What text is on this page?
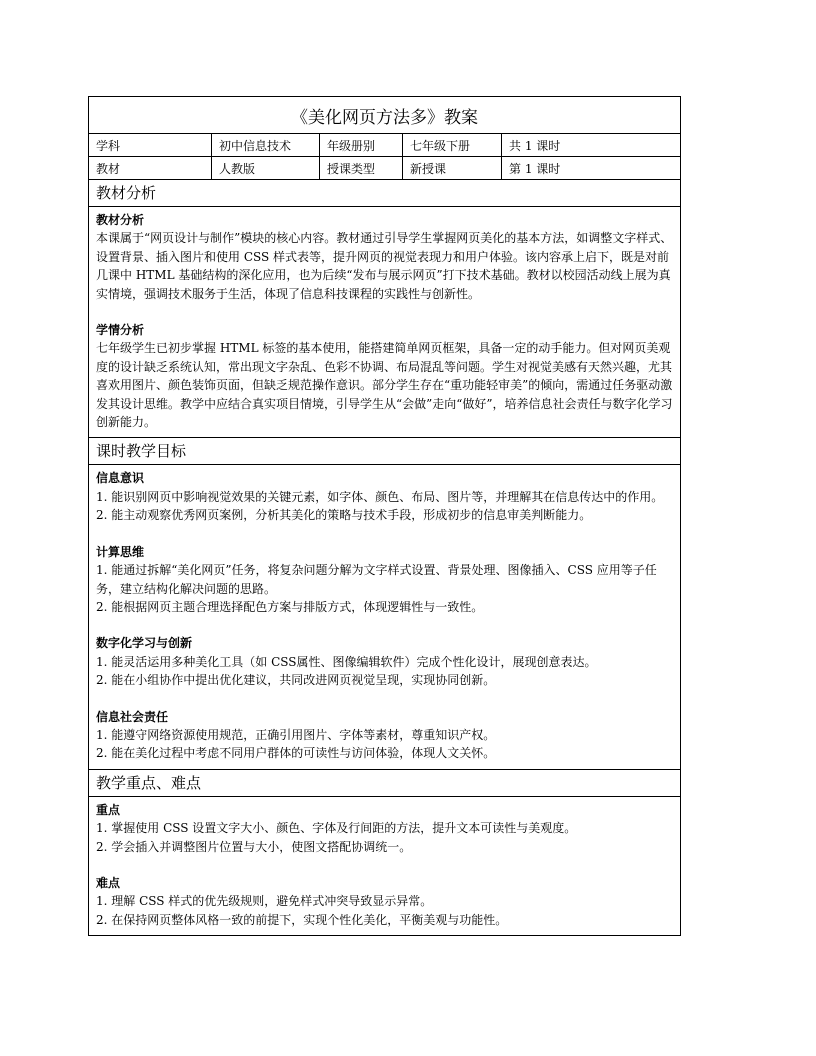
《美化网页方法多》教案
学科	初中信息技术	年级册别	七年级下册	共 1 课时
教材	人教版	授课类型	新授课	第 1 课时
教材分析

教材分析

本课属于“网页设计与制作”模块的核心内容。教材通过引导学生掌握网页美化的基本方法，如调整文字样式、设置背景、插入图片和使用 CSS 样式表等，提升网页的视觉表现力和用户体验。该内容承上启下，既是对前几课中 HTML 基础结构的深化应用，也为后续“发布与展示网页”打下技术基础。教材以校园活动线上展为真实情境，强调技术服务于生活，体现了信息科技课程的实践性与创新性。

学情分析

七年级学生已初步掌握 HTML 标签的基本使用，能搭建简单网页框架，具备一定的动手能力。但对网页美观度的设计缺乏系统认知，常出现文字杂乱、色彩不协调、布局混乱等问题。学生对视觉美感有天然兴趣，尤其喜欢用图片、颜色装饰页面，但缺乏规范操作意识。部分学生存在“重功能轻审美”的倾向，需通过任务驱动激发其设计思维。教学中应结合真实项目情境，引导学生从“会做”走向“做好”，培养信息社会责任与数字化学习创新能力。

课时教学目标

信息意识

1. 能识别网页中影响视觉效果的关键元素，如字体、颜色、布局、图片等，并理解其在信息传达中的作用。

2. 能主动观察优秀网页案例，分析其美化的策略与技术手段，形成初步的信息审美判断能力。

计算思维

1. 能通过拆解“美化网页”任务，将复杂问题分解为文字样式设置、背景处理、图像插入、CSS 应用等子任务，建立结构化解决问题的思路。

2. 能根据网页主题合理选择配色方案与排版方式，体现逻辑性与一致性。

数字化学习与创新

1. 能灵活运用多种美化工具（如 CSS属性、图像编辑软件）完成个性化设计，展现创意表达。

2. 能在小组协作中提出优化建议，共同改进网页视觉呈现，实现协同创新。

信息社会责任

1. 能遵守网络资源使用规范，正确引用图片、字体等素材，尊重知识产权。

2. 能在美化过程中考虑不同用户群体的可读性与访问体验，体现人文关怀。

教学重点、难点

重点

1. 掌握使用 CSS 设置文字大小、颜色、字体及行间距的方法，提升文本可读性与美观度。

2. 学会插入并调整图片位置与大小，使图文搭配协调统一。

难点

1. 理解 CSS 样式的优先级规则，避免样式冲突导致显示异常。

2. 在保持网页整体风格一致的前提下，实现个性化美化，平衡美观与功能性。
